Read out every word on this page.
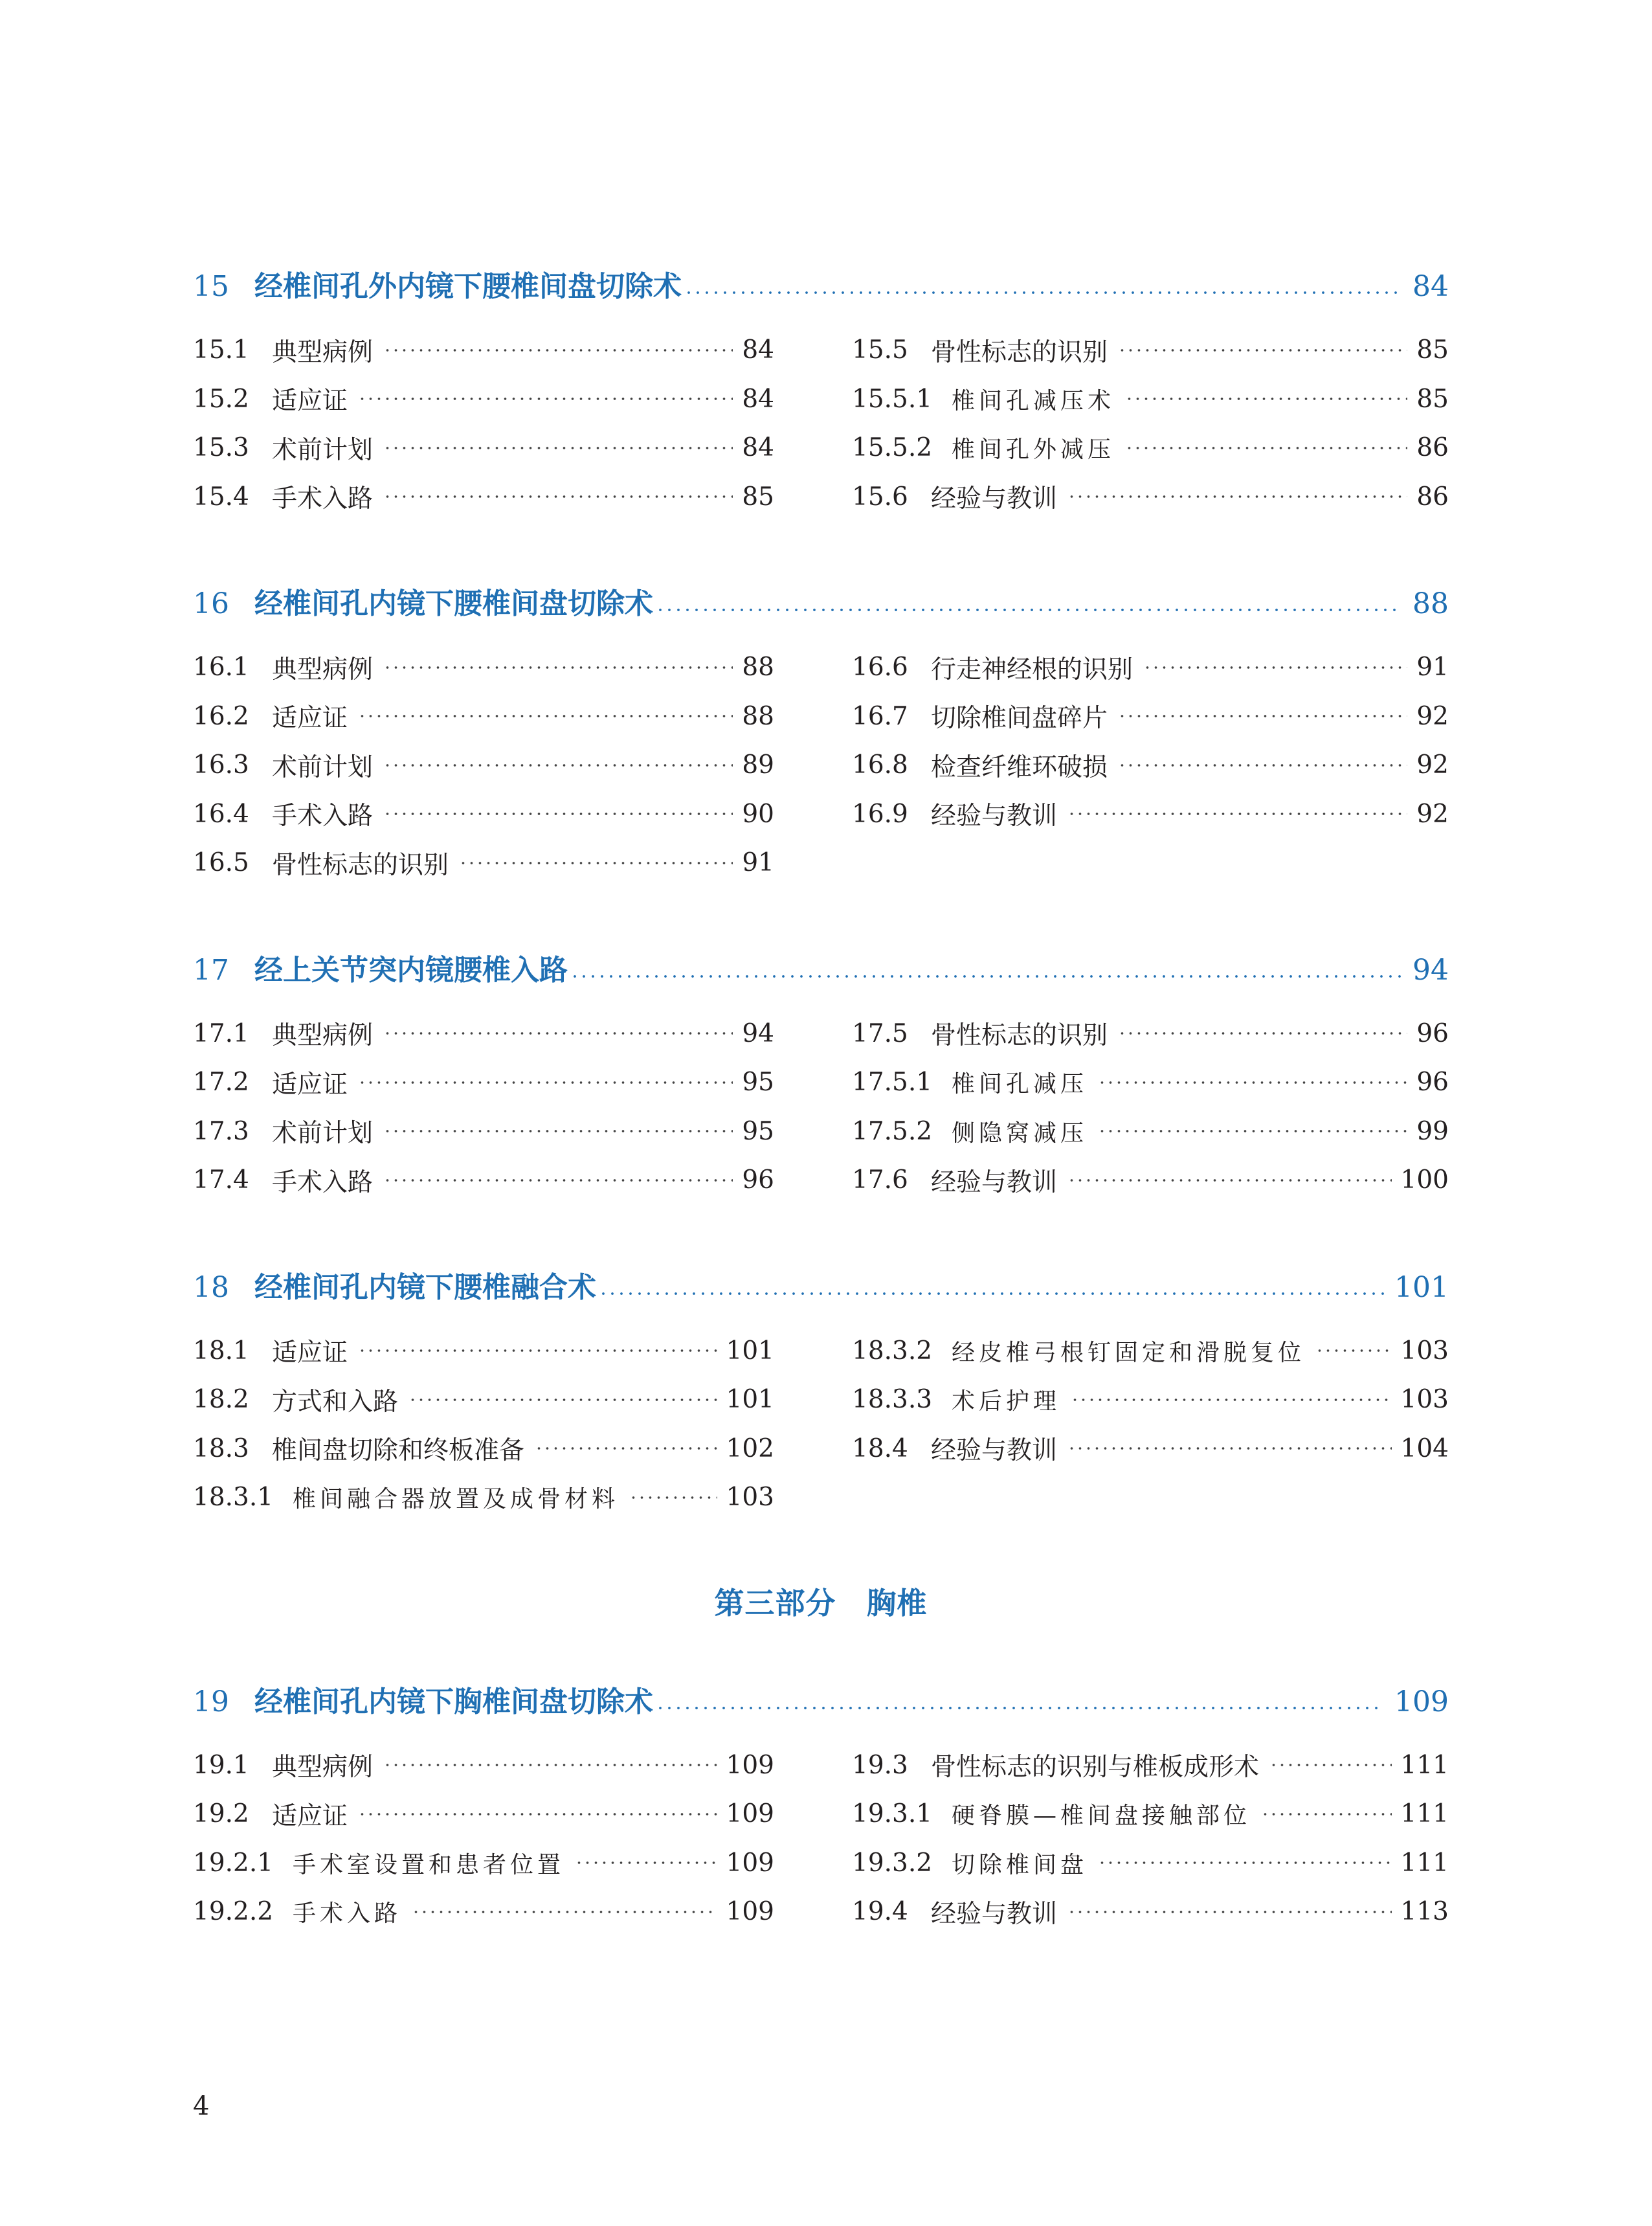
15 经椎间孔外内镜下腰椎间盘切除术	84
15.1 典型病例	84
15.2 适应证	84
15.3 术前计划	84
15.4 手术入路	85
15.5 骨性标志的识别	85
15.5.1 椎间孔减压术	85
15.5.2 椎间孔外减压	86
15.6 经验与教训	86
16 经椎间孔内镜下腰椎间盘切除术	88
16.1 典型病例	88
16.2 适应证	88
16.3 术前计划	89
16.4 手术入路	90
16.5 骨性标志的识别	91
16.6 行走神经根的识别	91
16.7 切除椎间盘碎片	92
16.8 检查纤维环破损	92
16.9 经验与教训	92
17 经上关节突内镜腰椎入路	94
17.1 典型病例	94
17.2 适应证	95
17.3 术前计划	95
17.4 手术入路	96
17.5 骨性标志的识别	96
17.5.1 椎间孔减压	96
17.5.2 侧隐窝减压	99
17.6 经验与教训	100
18 经椎间孔内镜下腰椎融合术	101
18.1 适应证	101
18.2 方式和入路	101
18.3 椎间盘切除和终板准备	102
18.3.1 椎间融合器放置及成骨材料	103
18.3.2 经皮椎弓根钉固定和滑脱复位	103
18.3.3 术后护理	103
18.4 经验与教训	104
第三部分　胸椎
19 经椎间孔内镜下胸椎间盘切除术	109
19.1 典型病例	109
19.2 适应证	109
19.2.1 手术室设置和患者位置	109
19.2.2 手术入路	109
19.3 骨性标志的识别与椎板成形术	111
19.3.1 硬脊膜—椎间盘接触部位	111
19.3.2 切除椎间盘	111
19.4 经验与教训	113
4
